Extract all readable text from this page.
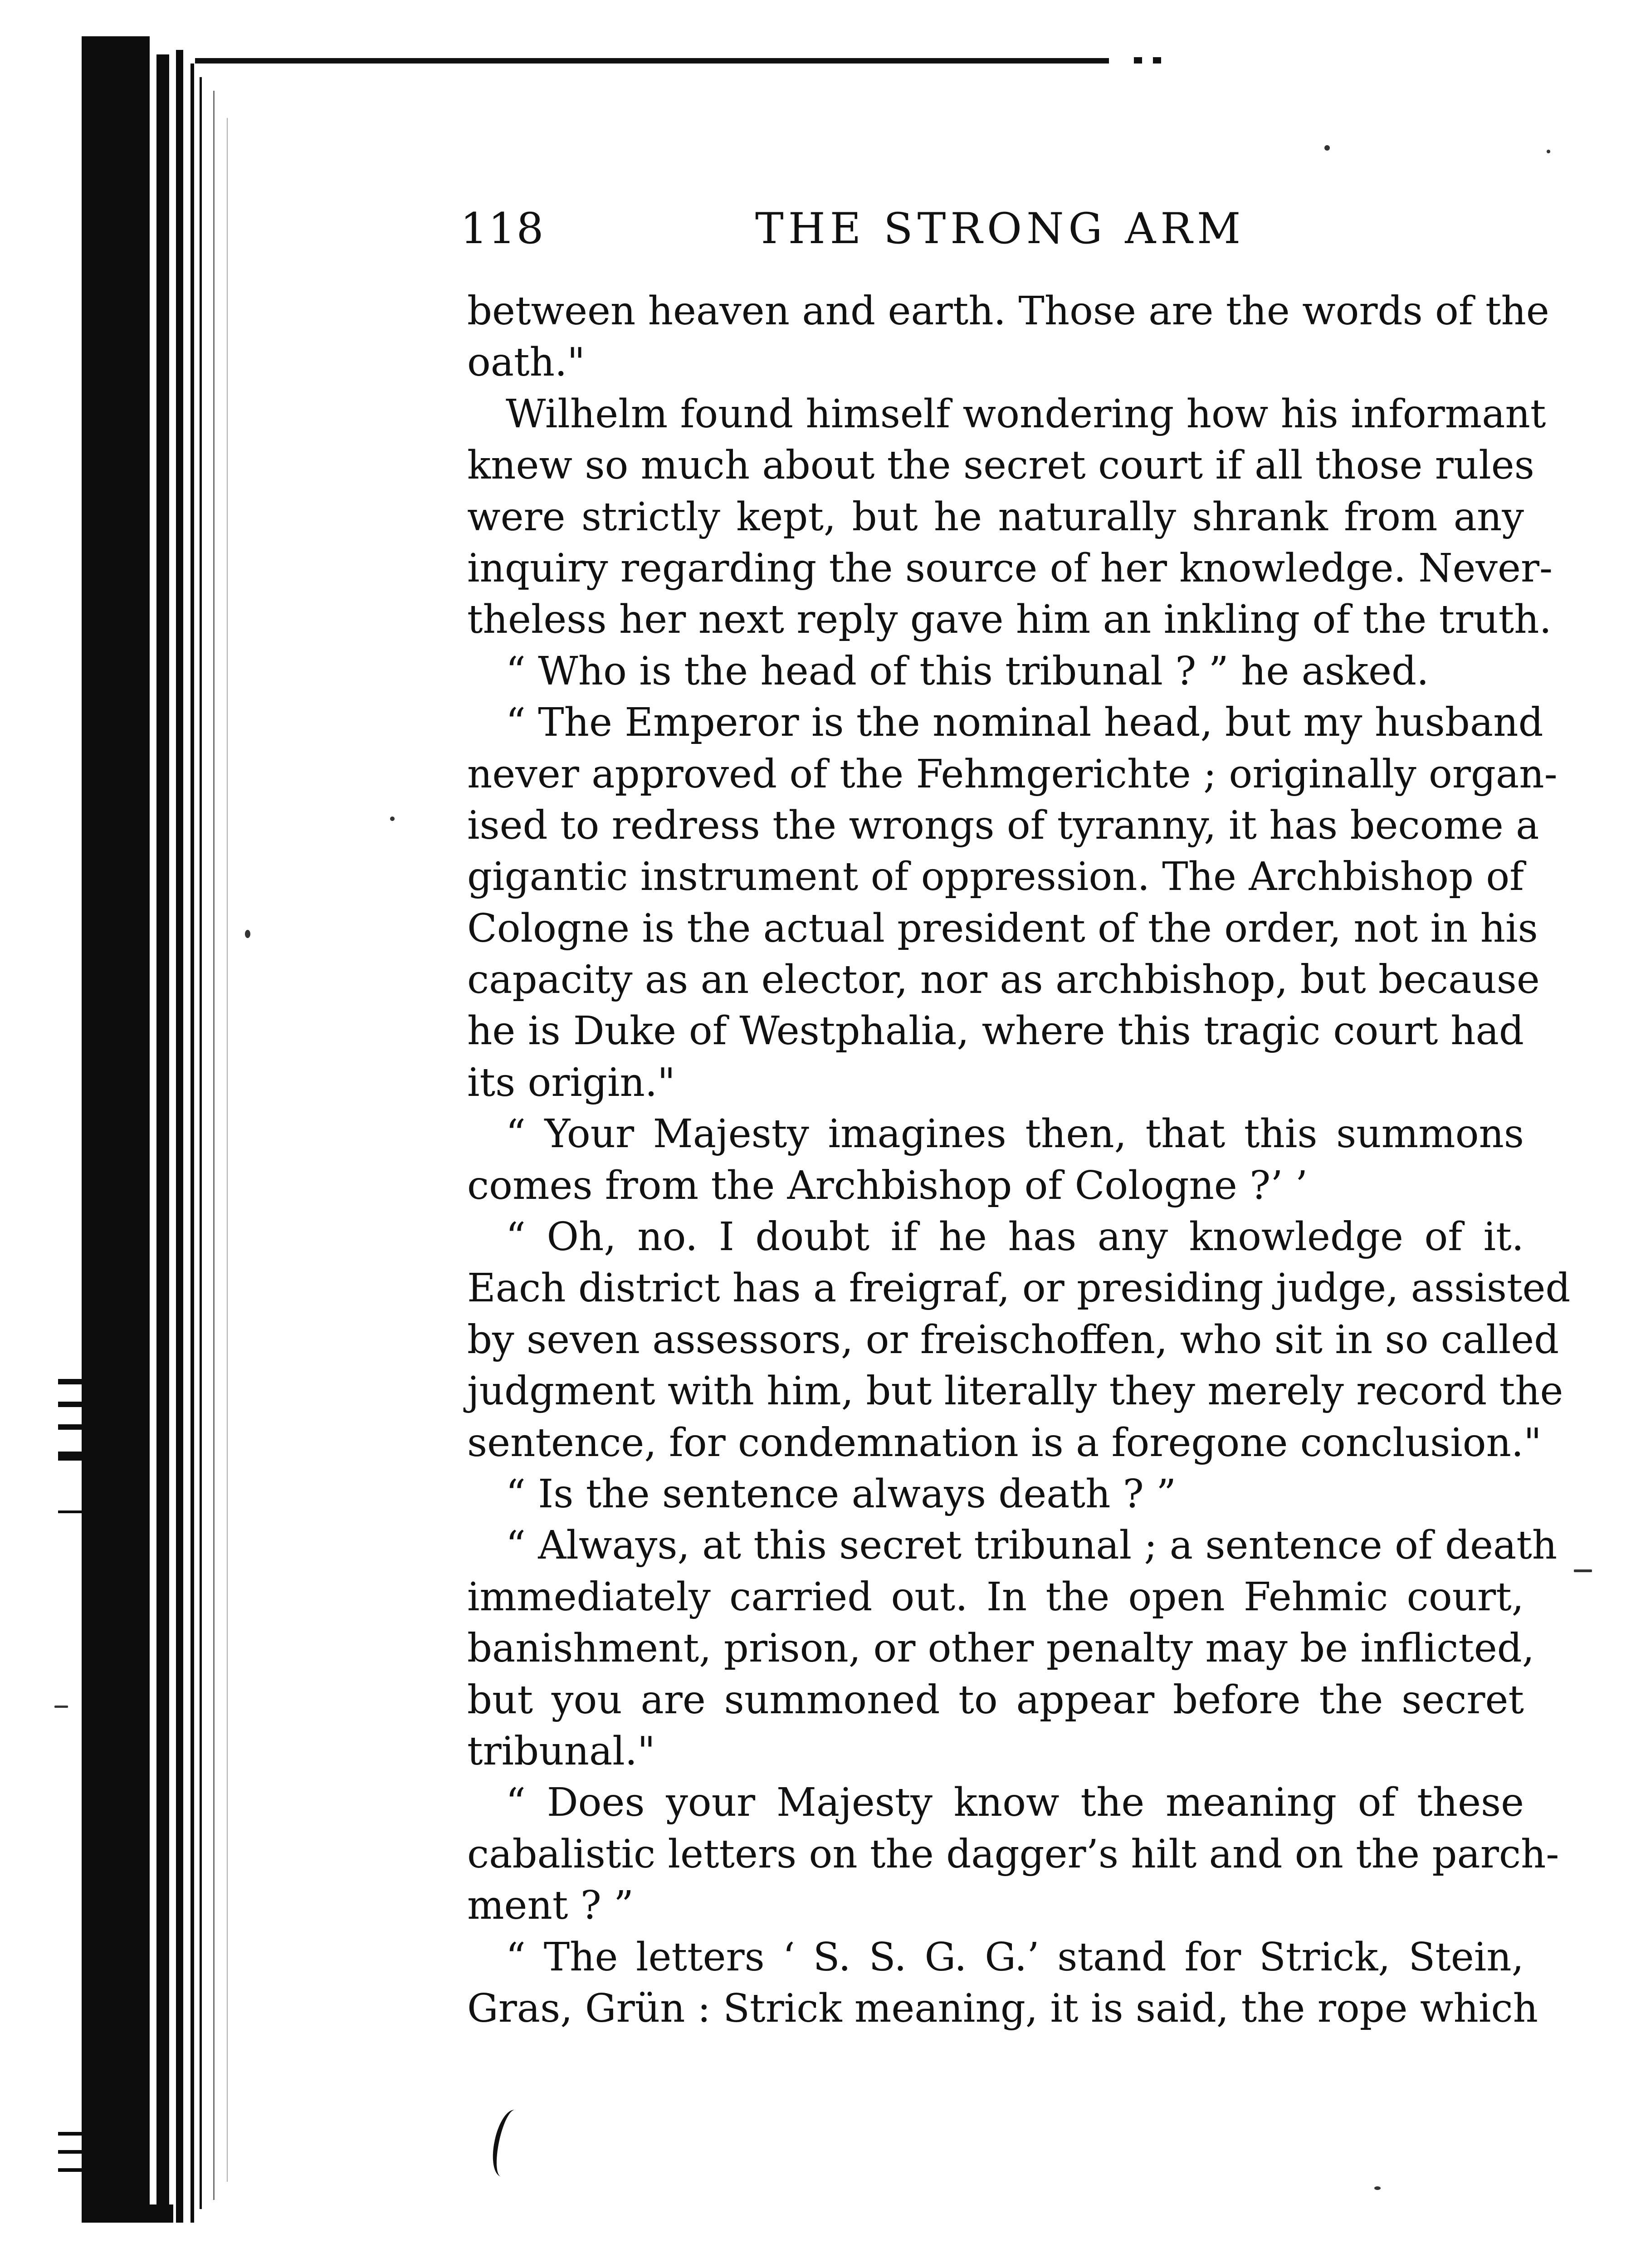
118	THE STRONG ARM
between heaven and earth. Those are the words of the
oath."
Wilhelm found himself wondering how his informant
knew so much about the secret court if all those rules
were strictly kept, but he naturally shrank from any
inquiry regarding the source of her knowledge. Never-
theless her next reply gave him an inkling of the truth.
“ Who is the head of this tribunal ? ” he asked.
“ The Emperor is the nominal head, but my husband
never approved of the Fehmgerichte ; originally organ-
ised to redress the wrongs of tyranny, it has become a
gigantic instrument of oppression. The Archbishop of
Cologne is the actual president of the order, not in his
capacity as an elector, nor as archbishop, but because
he is Duke of Westphalia, where this tragic court had
its origin."
“ Your Majesty imagines then, that this summons
comes from the Archbishop of Cologne ?’ ’
“ Oh, no. I doubt if he has any knowledge of it.
Each district has a freigraf, or presiding judge, assisted
by seven assessors, or freischoffen, who sit in so called
judgment with him, but literally they merely record the
sentence, for condemnation is a foregone conclusion."
“ Is the sentence always death ? ”
“ Always, at this secret tribunal ; a sentence of death
immediately carried out. In the open Fehmic court,
banishment, prison, or other penalty may be inflicted,
but you are summoned to appear before the secret
tribunal."
“ Does your Majesty know the meaning of these
cabalistic letters on the dagger’s hilt and on the parch-
ment ? ”
“ The letters ‘ S. S. G. G.’ stand for Strick, Stein,
Gras, Grün : Strick meaning, it is said, the rope which
